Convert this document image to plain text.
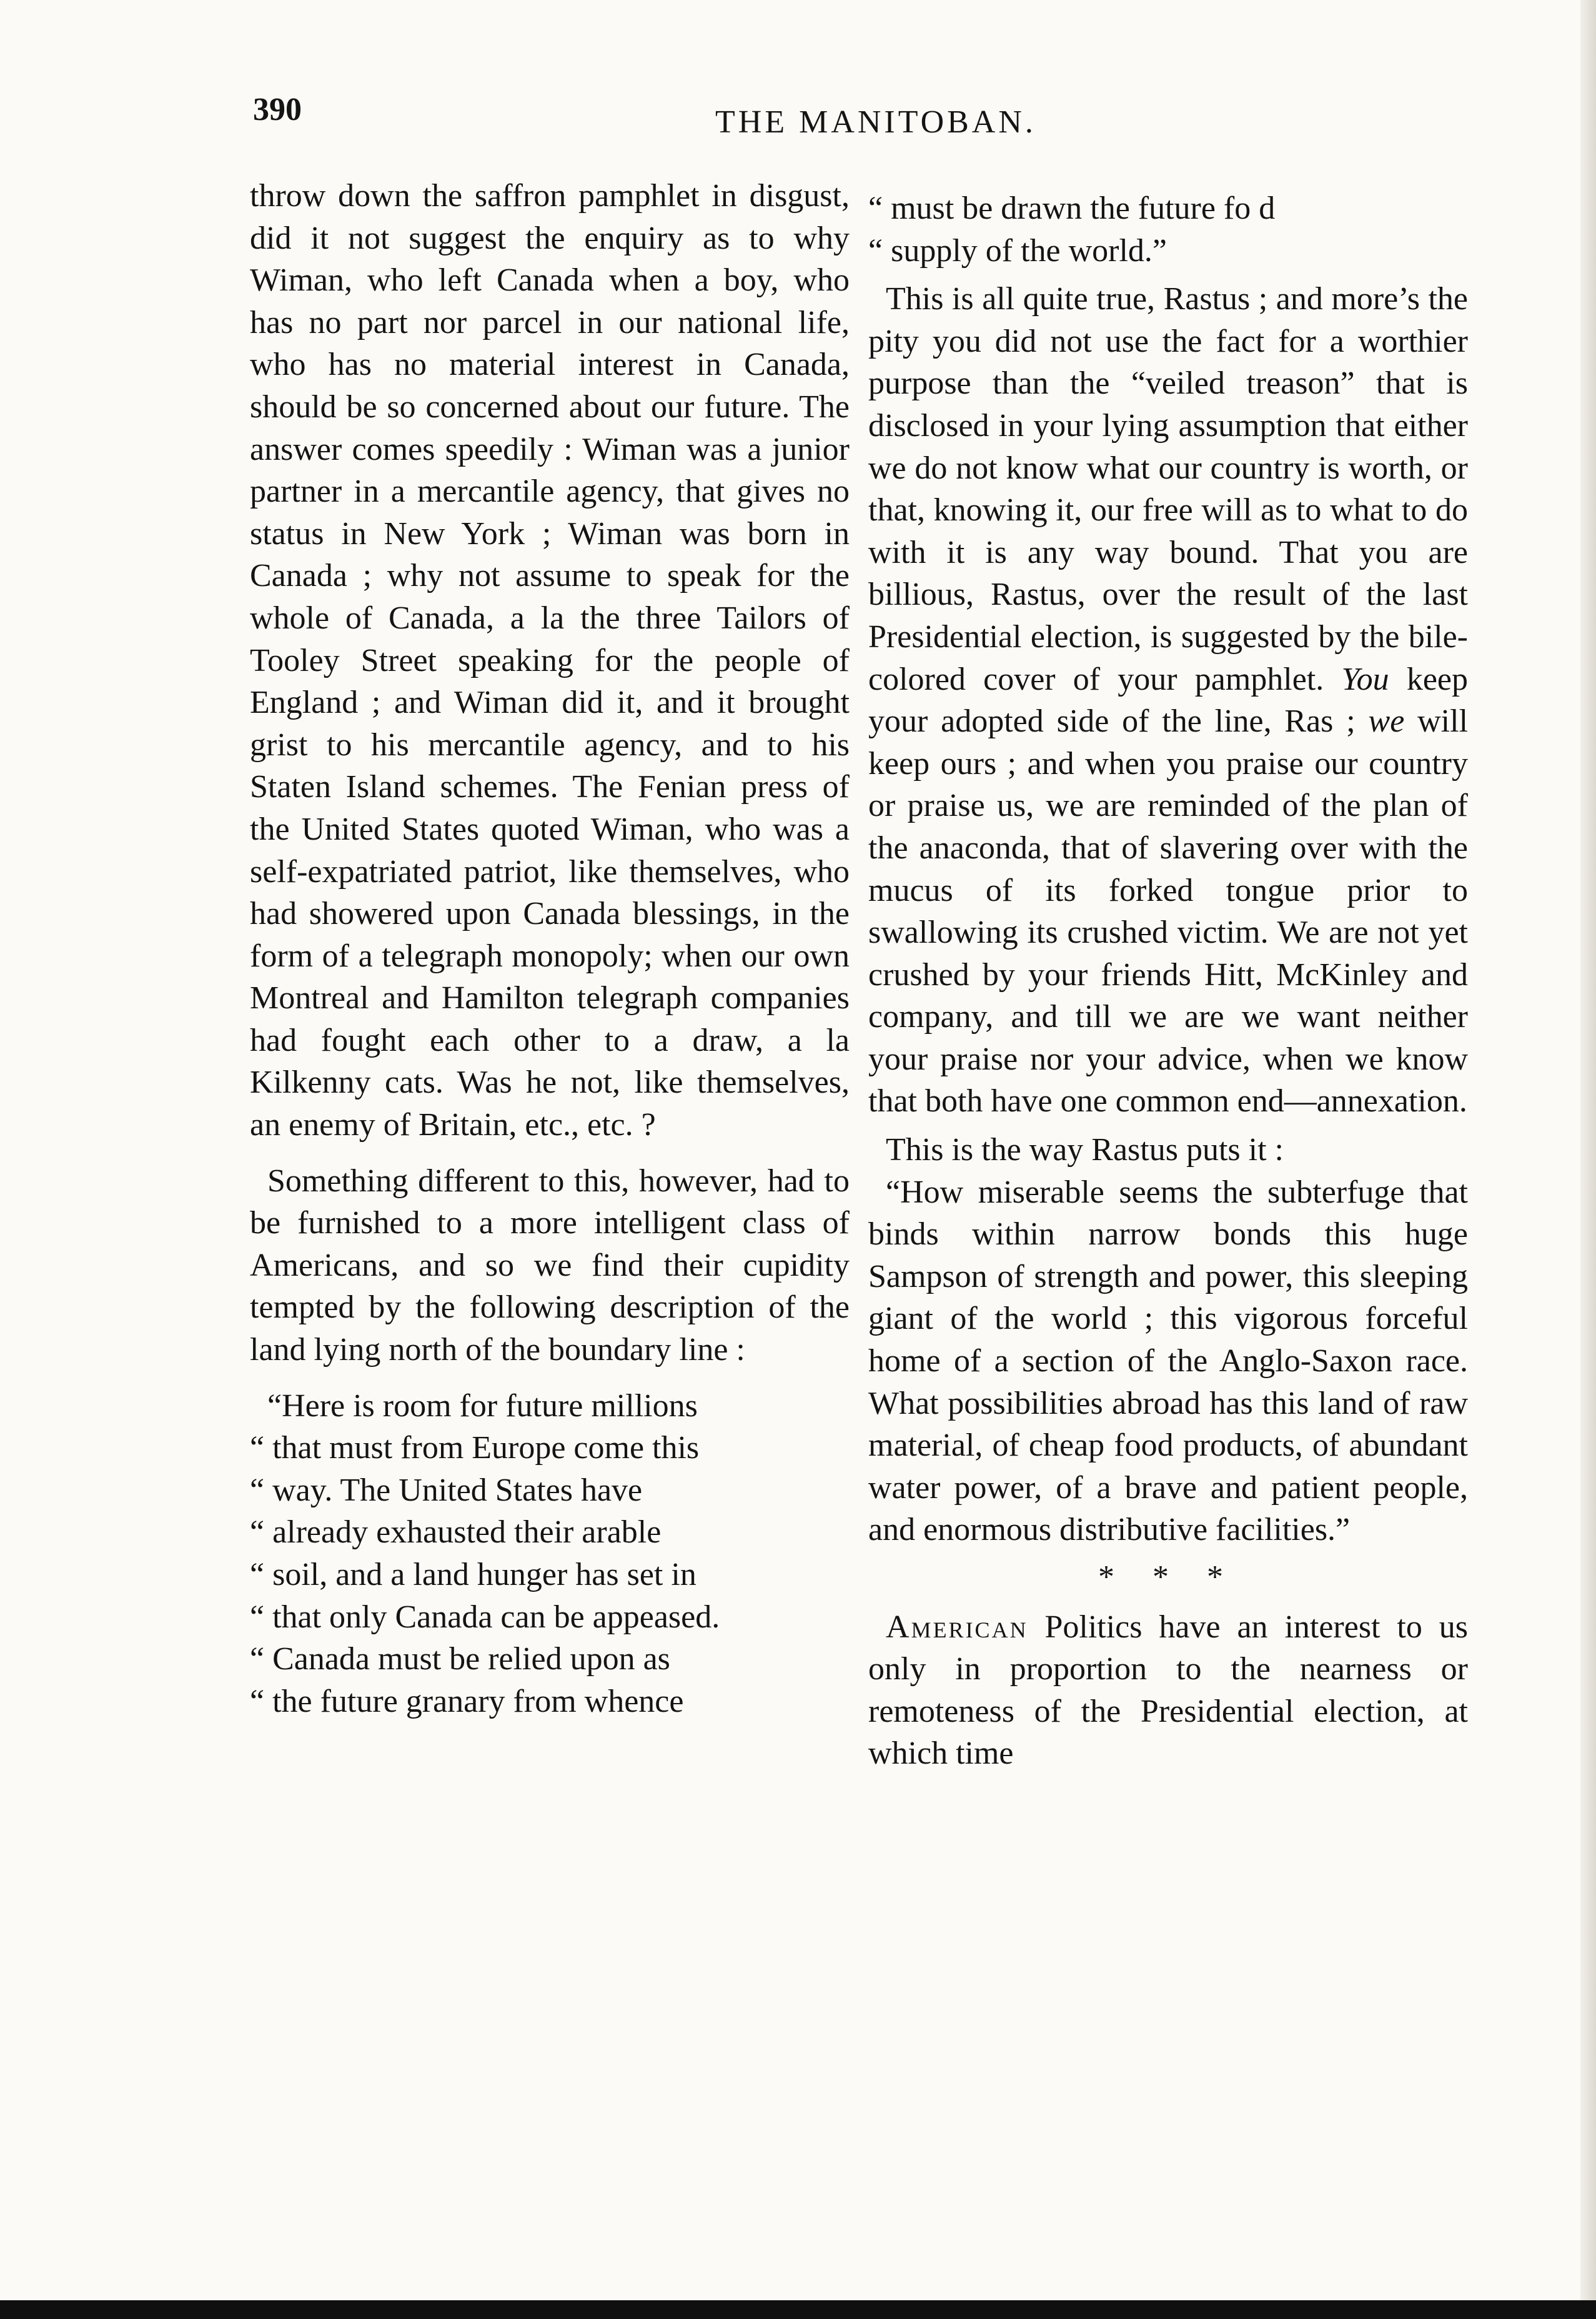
390	THE MANITOBAN.

throw down the saffron pamphlet in disgust, did it not suggest the enquiry as to why Wiman, who left Canada when a boy, who has no part nor parcel in our national life, who has no material interest in Canada, should be so concerned about our future. The answer comes speedily : Wiman was a junior partner in a mercantile agency, that gives no status in New York ; Wiman was born in Canada ; why not assume to speak for the whole of Canada, a la the three Tailors of Tooley Street speaking for the people of England ; and Wiman did it, and it brought grist to his mercantile agency, and to his Staten Island schemes. The Fenian press of the United States quoted Wiman, who was a self-expatriated patriot, like themselves, who had showered upon Canada blessings, in the form of a telegraph monopoly; when our own Montreal and Hamilton telegraph companies had fought each other to a draw, a la Kilkenny cats. Was he not, like themselves, an enemy of Britain, etc., etc. ?

Something different to this, however, had to be furnished to a more intelligent class of Americans, and so we find their cupidity tempted by the following description of the land lying north of the boundary line :

“Here is room for future millions

“ that must from Europe come this

“ way. The United States have

“ already exhausted their arable

“ soil, and a land hunger has set in

“ that only Canada can be appeased.

“ Canada must be relied upon as

“ the future granary from whence

“ must be drawn the future fo d

“ supply of the world.”

This is all quite true, Rastus ; and more’s the pity you did not use the fact for a worthier purpose than the “veiled treason” that is disclosed in your lying assumption that either we do not know what our country is worth, or that, knowing it, our free will as to what to do with it is any way bound. That you are billious, Rastus, over the result of the last Presidential election, is suggested by the bile-colored cover of your pamphlet. You keep your adopted side of the line, Ras ; we will keep ours ; and when you praise our country or praise us, we are reminded of the plan of the anaconda, that of slavering over with the mucus of its forked tongue prior to swallowing its crushed victim. We are not yet crushed by your friends Hitt, McKinley and company, and till we are we want neither your praise nor your advice, when we know that both have one common end—annexation.

This is the way Rastus puts it :

“How miserable seems the subterfuge that binds within narrow bonds this huge Sampson of strength and power, this sleeping giant of the world ; this vigorous forceful home of a section of the Anglo-Saxon race. What possibilities abroad has this land of raw material, of cheap food products, of abundant water power, of a brave and patient people, and enormous distributive facilities.”

* * *

American Politics have an interest to us only in proportion to the nearness or remoteness of the Presidential election, at which time
